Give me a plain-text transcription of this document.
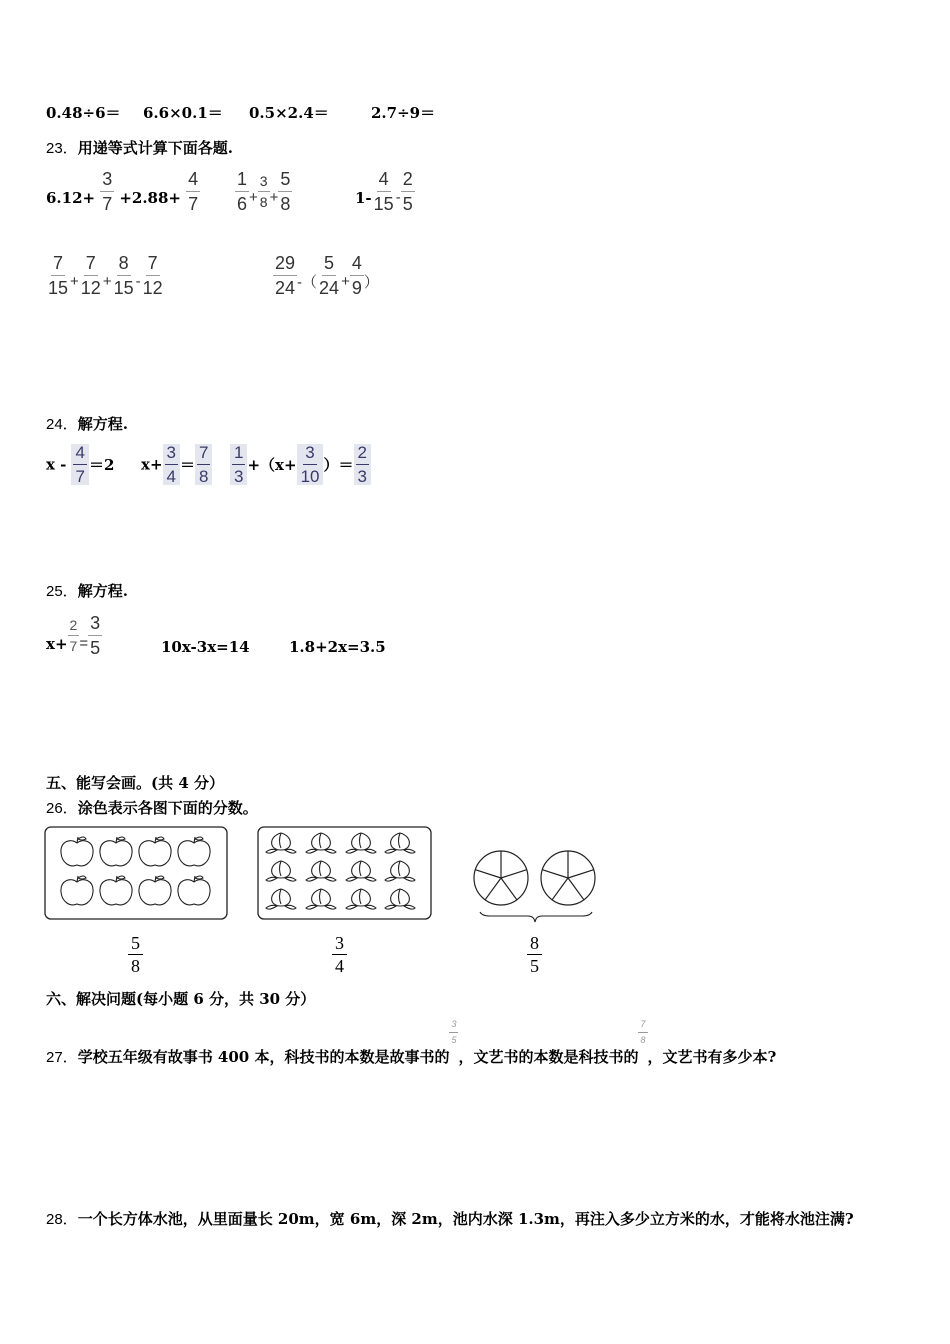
0.48÷6＝ 6.6×0.1＝ 0.5×2.4＝	2.7÷9＝
23．用递等式计算下面各题.
$6.12+ \frac{3}{7} +2.88+ \frac{4}{7} \frac{1}{6} + \frac{3}{8} + \frac{5}{8}$	$1- \frac{4}{15} - \frac{2}{5}$
$\frac{7}{15} + \frac{7}{12} + \frac{8}{15} - \frac{7}{12}$	$\frac{29}{24}$ -（ $\frac{5}{24} + \frac{4}{9}$ ）
24．解方程.
$x - \frac{4}{7} =2$ $x+ \frac{3}{4} = \frac{7}{8} \frac{1}{3} +(x+ \frac{3}{10}$ ）＝ $\frac{2}{3}$
25．解方程.
$x+ \frac{2}{7} = \frac{3}{5}$	10x-3x=14	1.8+2x=3.5
五、能写会画。(共 4 分）
26．涂色表示各图下面的分数。
5
8
3
4
8
5
六、解决问题(每小题 6 分，共 30 分）
27．学校五年级有故事书 400 本，科技书的本数是故事书的
$\frac{3}{5}$
，文艺书的本数是科技书的
$\frac{7}{8}$
，文艺书有多少本?
28．一个长方体水池，从里面量长 20m，宽 6m，深 2m，池内水深 1.3m，再注入多少立方米的水，才能将水池注满?
